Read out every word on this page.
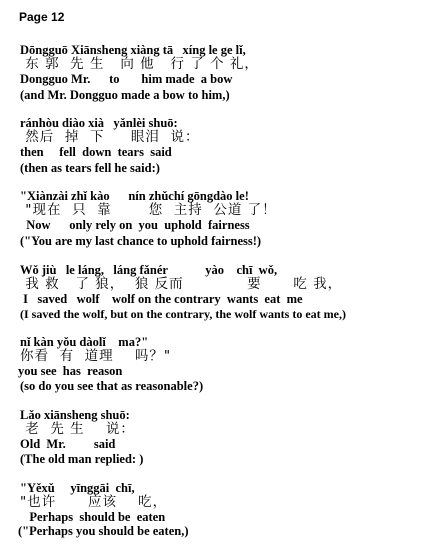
Page 12
Dōngguō Xiānsheng xiàng tā   xíng le ge lǐ,
东 郭  先 生   向 他   行 了 个 礼，
Dongguo Mr.      to       him made  a bow
(and Mr. Dongguo made a bow to him,)
ránhòu diào xià   yǎnlèi shuō:
然后  掉  下     眼泪  说：
then     fell  down  tears  said
(then as tears fell he said:)
"Xiànzài zhǐ kào      nín zhǔchí gōngdào le!
"现在  只  靠       您  主持  公道 了！
Now      only rely on  you  uphold  fairness
("You are my last chance to uphold fairness!)
Wǒ jiù   le láng,   láng fǎnér            yào    chī  wǒ,
我 救   了 狼，  狼 反而            要      吃 我，
I   saved   wolf    wolf on the contrary  wants  eat  me
(I saved the wolf, but on the contrary, the wolf wants to eat me,)
nǐ kàn yǒu dàolǐ    ma?"
你看  有  道理    吗？"
you see  has  reason
(so do you see that as reasonable?)
Lǎo xiānsheng shuō:
老  先 生    说：
Old  Mr.         said
(The old man replied: )
"Yěxǔ     yīnggāi  chī,
"也许      应该    吃，
Perhaps  should be  eaten
("Perhaps you should be eaten,)
